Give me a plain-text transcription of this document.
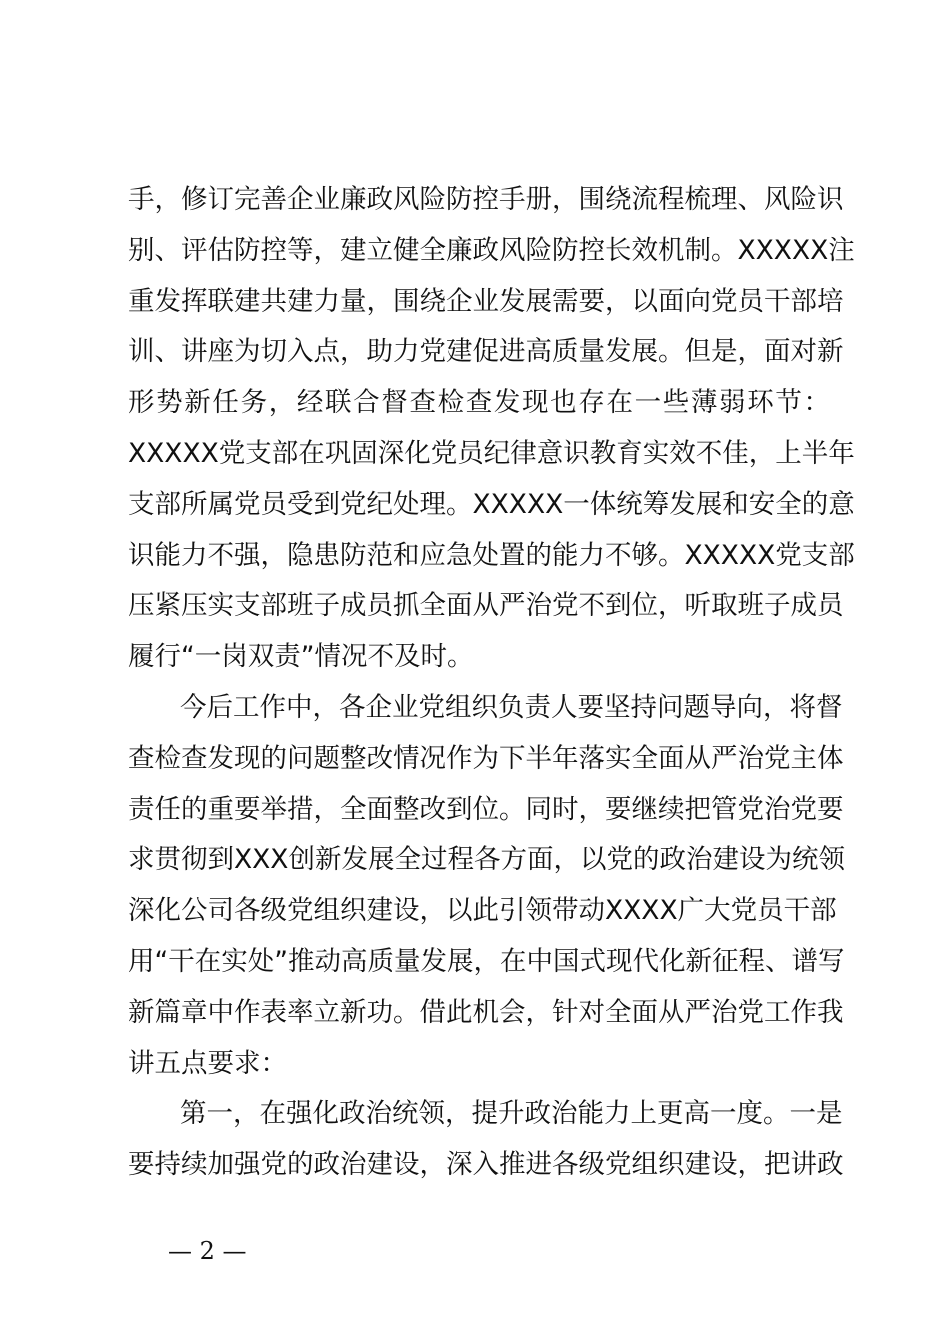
手，修订完善企业廉政风险防控手册，围绕流程梳理、风险识
别、评估防控等，建立健全廉政风险防控长效机制。XXXXX注
重发挥联建共建力量，围绕企业发展需要，以面向党员干部培
训、讲座为切入点，助力党建促进高质量发展。但是，面对新
形势新任务，经联合督查检查发现也存在一些薄弱环节：
XXXXX党支部在巩固深化党员纪律意识教育实效不佳，上半年
支部所属党员受到党纪处理。XXXXX一体统筹发展和安全的意
识能力不强，隐患防范和应急处置的能力不够。XXXXX党支部
压紧压实支部班子成员抓全面从严治党不到位，听取班子成员
履行“一岗双责”情况不及时。
今后工作中，各企业党组织负责人要坚持问题导向，将督
查检查发现的问题整改情况作为下半年落实全面从严治党主体
责任的重要举措，全面整改到位。同时，要继续把管党治党要
求贯彻到XXX创新发展全过程各方面，以党的政治建设为统领
深化公司各级党组织建设，以此引领带动XXXX广大党员干部
用“干在实处”推动高质量发展，在中国式现代化新征程、谱写
新篇章中作表率立新功。借此机会，针对全面从严治党工作我
讲五点要求：
第一，在强化政治统领，提升政治能力上更高一度。一是
要持续加强党的政治建设，深入推进各级党组织建设，把讲政
— 2 —
